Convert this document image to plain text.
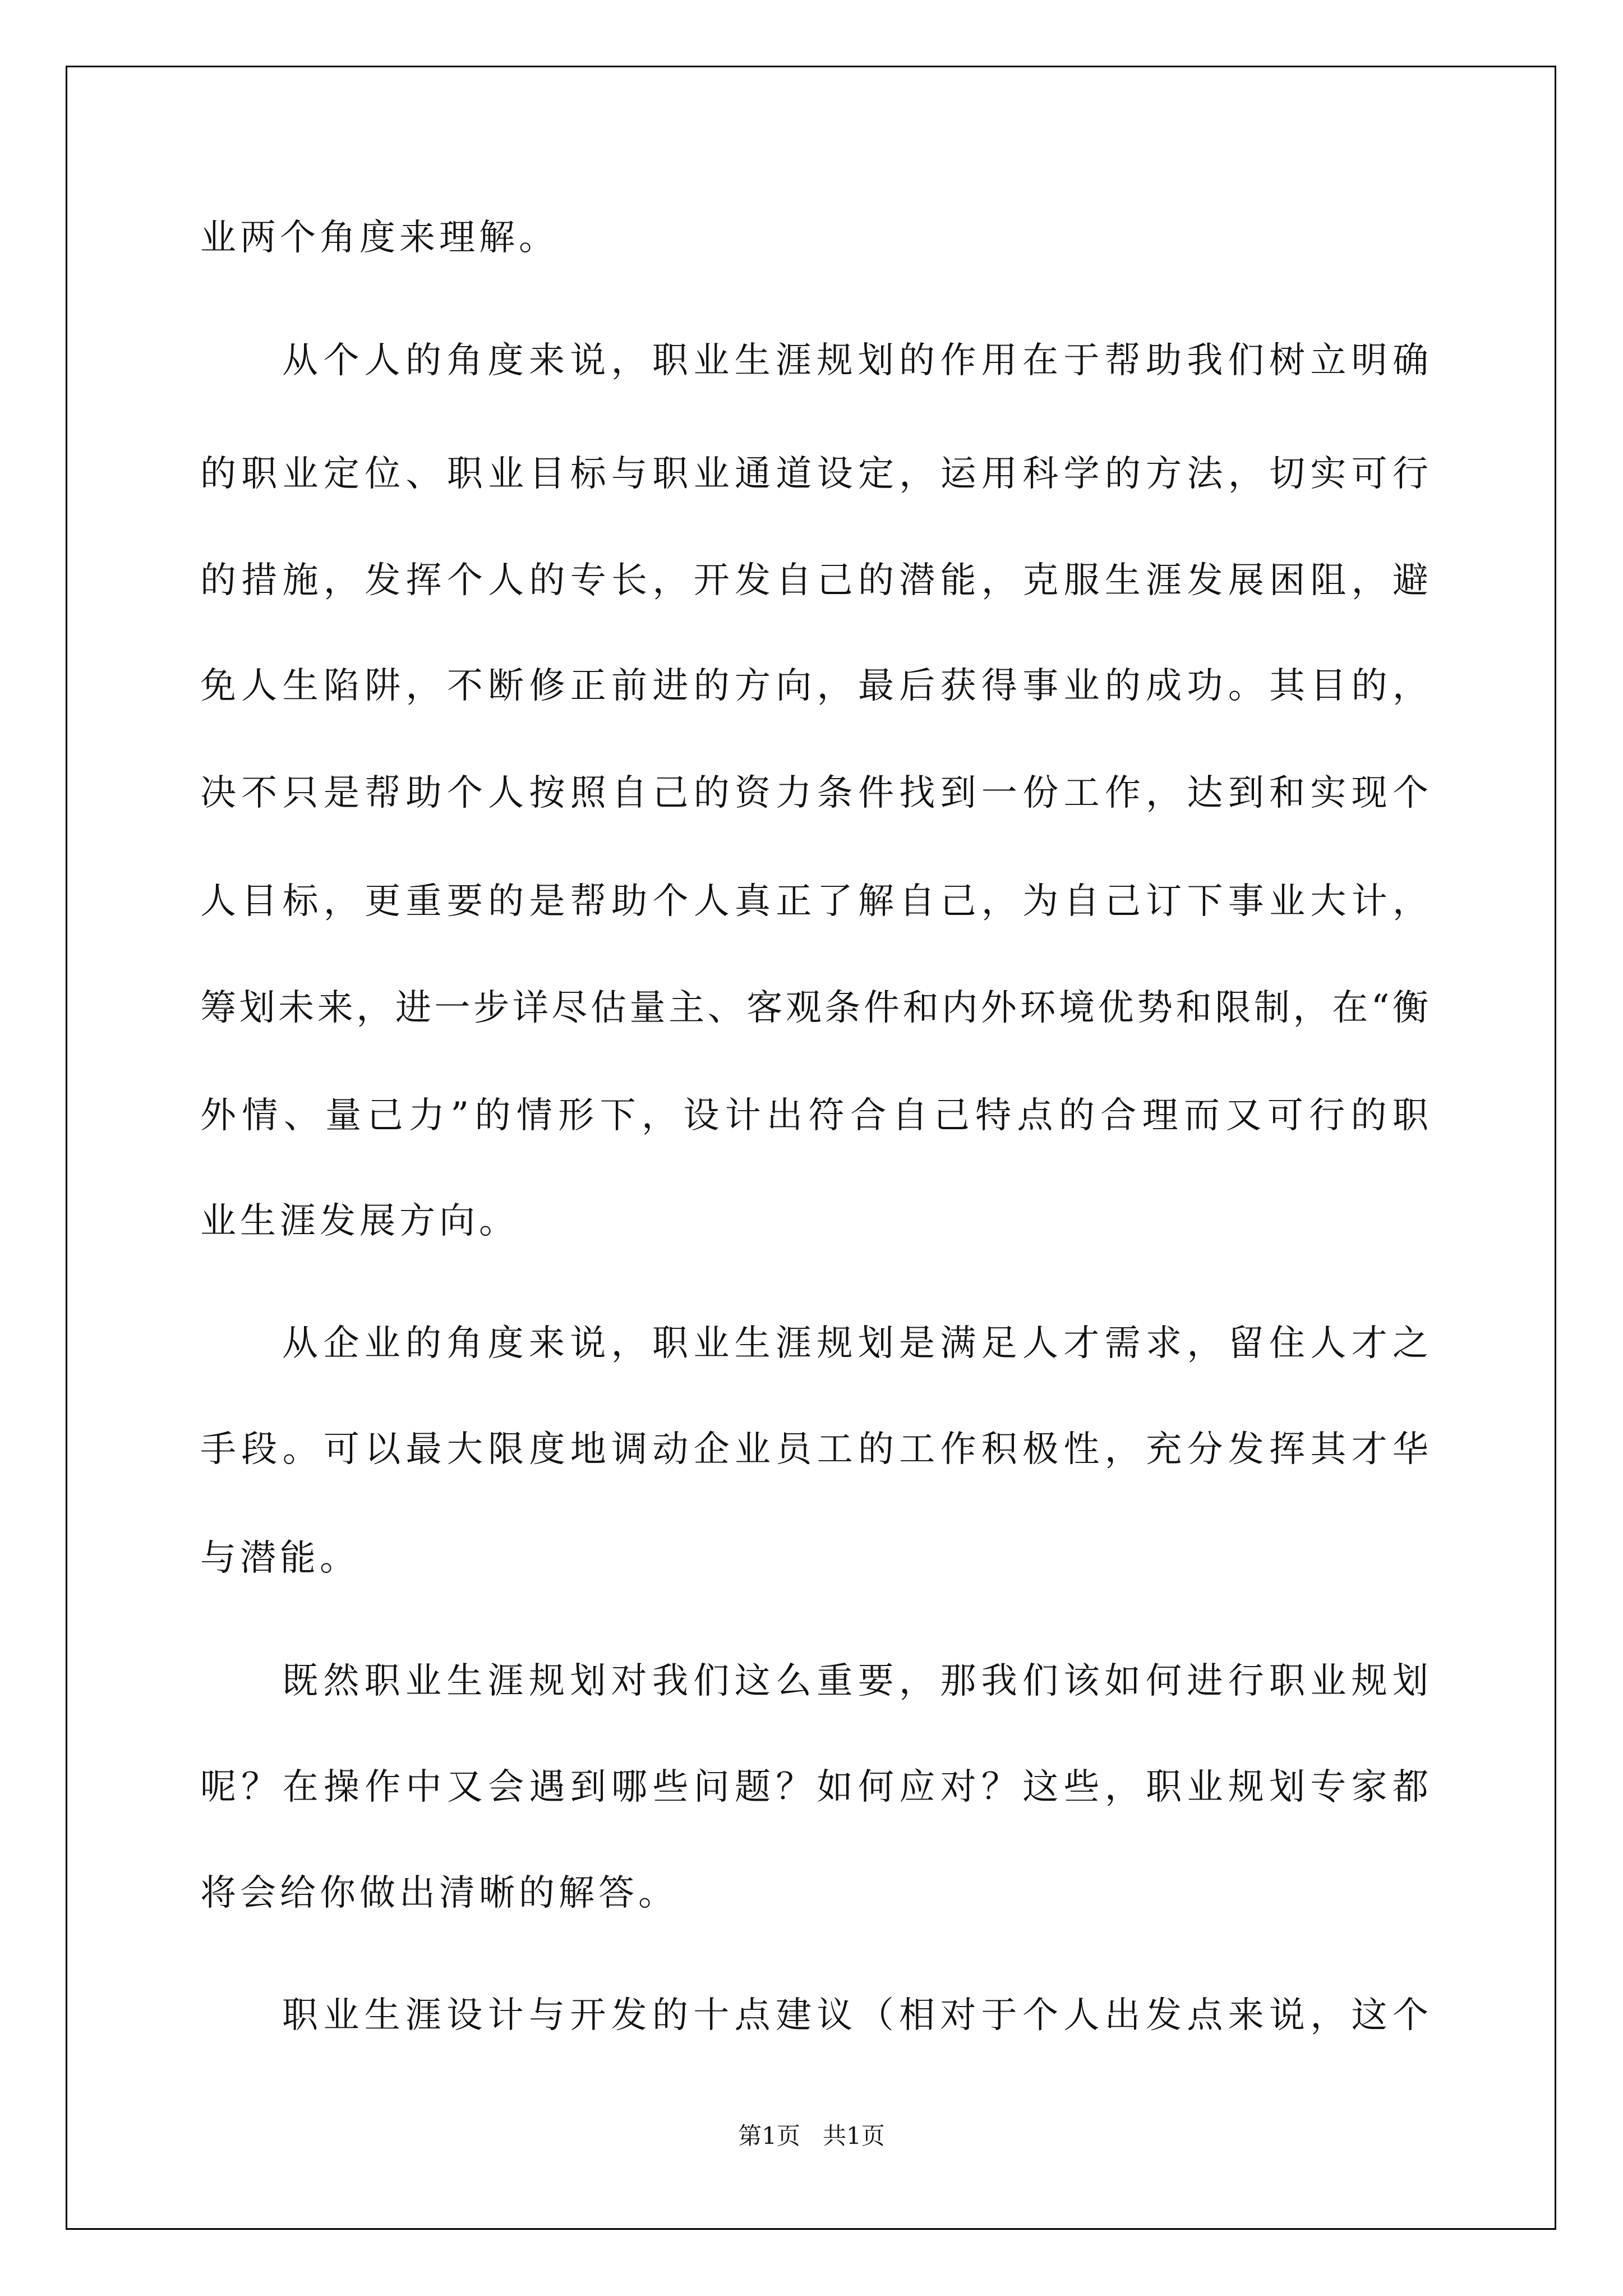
业两个角度来理解。
从个人的角度来说，职业生涯规划的作用在于帮助我们树立明确
的职业定位、职业目标与职业通道设定，运用科学的方法，切实可行
的措施，发挥个人的专长，开发自己的潜能，克服生涯发展困阻，避
免人生陷阱，不断修正前进的方向，最后获得事业的成功。其目的，
决不只是帮助个人按照自己的资力条件找到一份工作，达到和实现个
人目标，更重要的是帮助个人真正了解自己，为自己订下事业大计，
筹划未来，进一步详尽估量主、客观条件和内外环境优势和限制，在“衡
外情、量己力”的情形下，设计出符合自己特点的合理而又可行的职
业生涯发展方向。
从企业的角度来说，职业生涯规划是满足人才需求，留住人才之
手段。可以最大限度地调动企业员工的工作积极性，充分发挥其才华
与潜能。
既然职业生涯规划对我们这么重要，那我们该如何进行职业规划
呢？在操作中又会遇到哪些问题？如何应对？这些，职业规划专家都
将会给你做出清晰的解答。
职业生涯设计与开发的十点建议（相对于个人出发点来说，这个
第1页 共1页
